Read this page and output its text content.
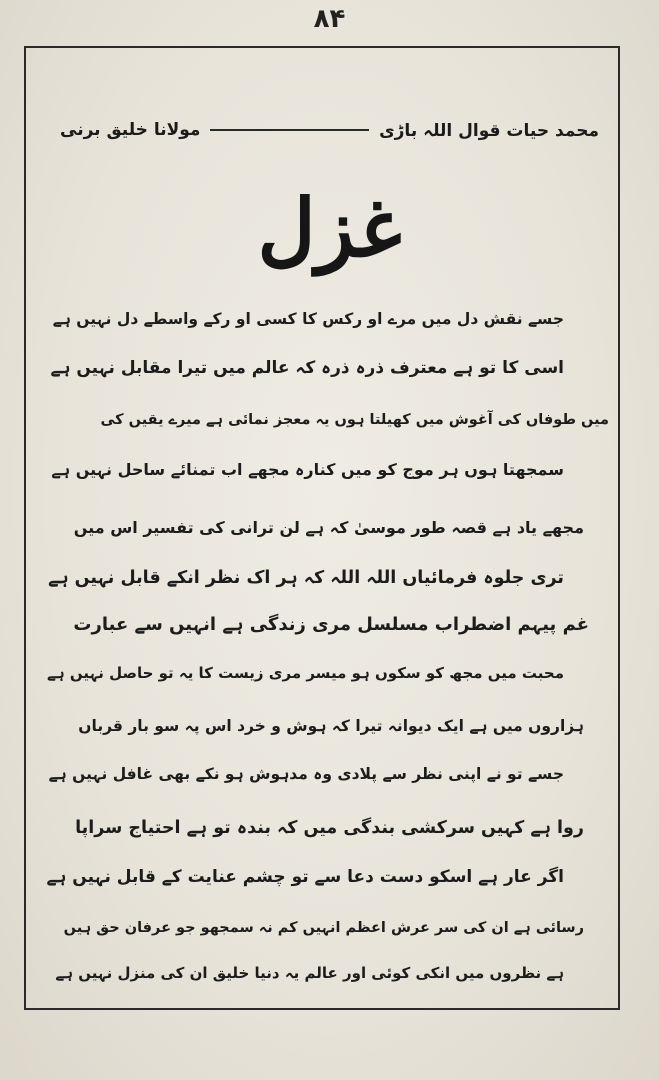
۸۴
محمد حیات قوال اللہ باڑی
مولانا خلیق برنی
غزل
جسے نقش دل میں مرے او رکس کا کسی او رکے واسطے دل نہیں ہے
اسی کا تو ہے معترف ذرہ ذرہ کہ عالم میں تیرا مقابل نہیں ہے
میں طوفاں کی آغوش میں کھیلتا ہوں یہ معجز نمائی ہے میرے یقیں کی
سمجھتا ہوں ہر موج کو میں کنارہ مجھے اب تمنائے ساحل نہیں ہے
مجھے یاد ہے قصہ طور موسیٰ کہ ہے لن ترانی کی تفسیر اس میں
تری جلوہ فرمائیاں اللہ اللہ کہ ہر اک نظر انکے قابل نہیں ہے
غم پیہم اضطراب مسلسل مری زندگی ہے انہیں سے عبارت
محبت میں مجھ کو سکوں ہو میسر مری زیست کا یہ تو حاصل نہیں ہے
ہزاروں میں ہے ایک دیوانہ تیرا کہ ہوش و خرد اس پہ سو بار قرباں
جسے تو نے اپنی نظر سے پلادی وہ مدہوش ہو نکے بھی غافل نہیں ہے
روا ہے کہیں سرکشی بندگی میں کہ بندہ تو ہے احتیاج سراپا
اگر عار ہے اسکو دست دعا سے تو چشم عنایت کے قابل نہیں ہے
رسائی ہے ان کی سر عرش اعظم انہیں کم نہ سمجھو جو عرفان حق ہیں
ہے نظروں میں انکی کوئی اور عالم یہ دنیا خلیق ان کی منزل نہیں ہے
